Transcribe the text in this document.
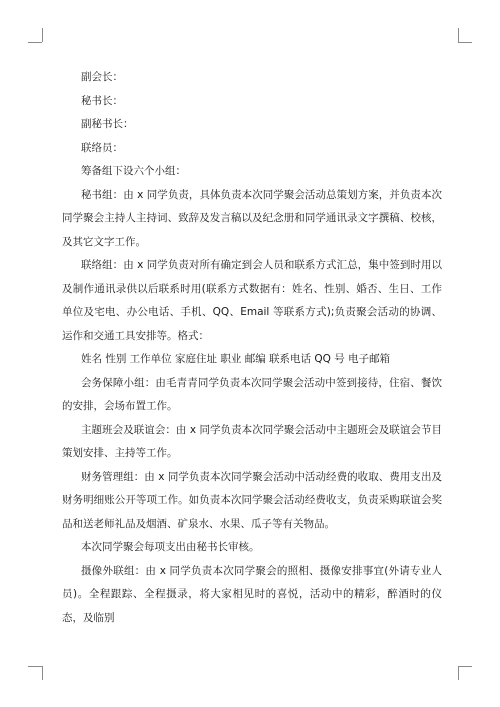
副会长：

秘书长：

副秘书长：

联络员：

筹备组下设六个小组：

秘书组：由 x 同学负责，具体负责本次同学聚会活动总策划方案，并负责本次同学聚会主持人主持词、致辞及发言稿以及纪念册和同学通讯录文字撰稿、校核，及其它文字工作。

联络组：由 x 同学负责对所有确定到会人员和联系方式汇总，集中签到时用以及制作通讯录供以后联系时用(联系方式数据有：姓名、性别、婚否、生日、工作单位及宅电、办公电话、手机、QQ、Email 等联系方式);负责聚会活动的协调、运作和交通工具安排等。格式：

姓名 性别 工作单位 家庭住址 职业 邮编 联系电话 QQ 号 电子邮箱

会务保障小组：由毛青青同学负责本次同学聚会活动中签到接待，住宿、餐饮的安排，会场布置工作。

主题班会及联谊会：由 x 同学负责本次同学聚会活动中主题班会及联谊会节目策划安排、主持等工作。

财务管理组：由 x 同学负责本次同学聚会活动中活动经费的收取、费用支出及财务明细账公开等项工作。如负责本次同学聚会活动经费收支，负责采购联谊会奖品和送老师礼品及烟酒、矿泉水、水果、瓜子等有关物品。

本次同学聚会每项支出由秘书长审核。

摄像外联组：由 x 同学负责本次同学聚会的照相、摄像安排事宜(外请专业人员)。全程跟踪、全程摄录，将大家相见时的喜悦，活动中的精彩，醉酒时的仪态，及临别
